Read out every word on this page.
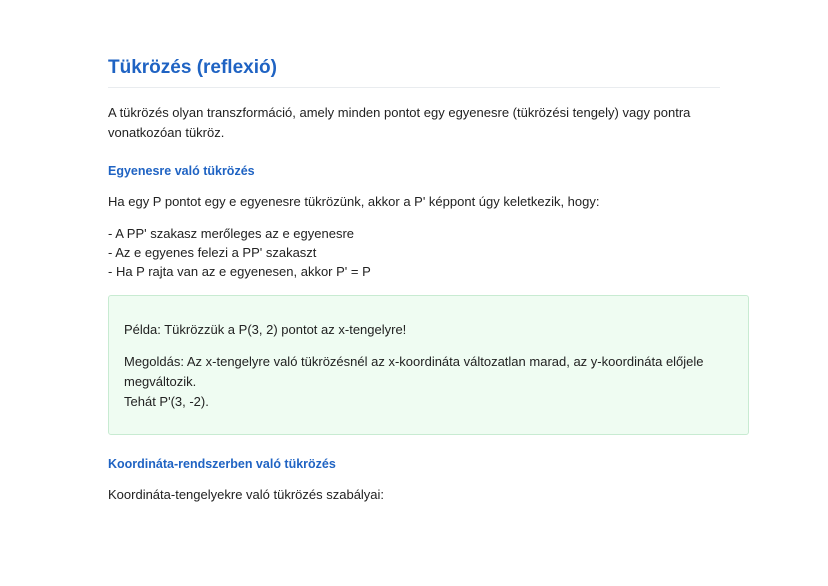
Tükrözés (reflexió)

A tükrözés olyan transzformáció, amely minden pontot egy egyenesre (tükrözési tengely) vagy pontra vonatkozóan tükröz.

Egyenesre való tükrözés

Ha egy P pontot egy e egyenesre tükrözünk, akkor a P' képpont úgy keletkezik, hogy:

- A PP' szakasz merőleges az e egyenesre
- Az e egyenes felezi a PP' szakaszt
- Ha P rajta van az e egyenesen, akkor P' = P

Példa: Tükrözzük a P(3, 2) pontot az x-tengelyre!

Megoldás: Az x-tengelyre való tükrözésnél az x-koordináta változatlan marad, az y-koordináta előjele megváltozik.

Tehát P'(3, -2).

Koordináta-rendszerben való tükrözés

Koordináta-tengelyekre való tükrözés szabályai:
